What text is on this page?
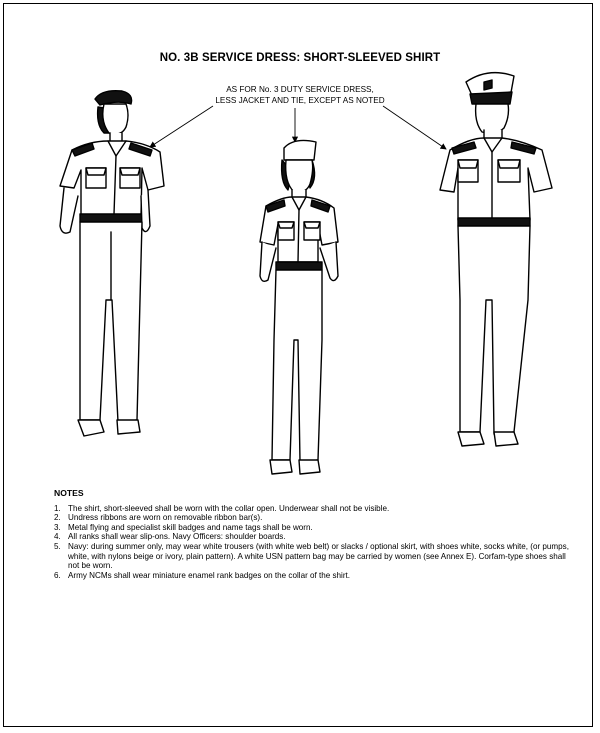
NO. 3B SERVICE DRESS: SHORT-SLEEVED SHIRT
AS FOR No. 3 DUTY SERVICE DRESS,
LESS JACKET AND TIE, EXCEPT AS NOTED
NOTES
1. The shirt, short-sleeved shall be worn with the collar open. Underwear shall not be visible.
2. Undress ribbons are worn on removable ribbon bar(s).
3. Metal flying and specialist skill badges and name tags shall be worn.
4. All ranks shall wear slip-ons. Navy Officers: shoulder boards.
5. Navy: during summer only, may wear white trousers (with white web belt) or slacks / optional skirt, with shoes white, socks white, (or pumps, white, with nylons beige or ivory, plain pattern). A white USN pattern bag may be carried by women (see Annex E). Corfam-type shoes shall not be worn.
6. Army NCMs shall wear miniature enamel rank badges on the collar of the shirt.
